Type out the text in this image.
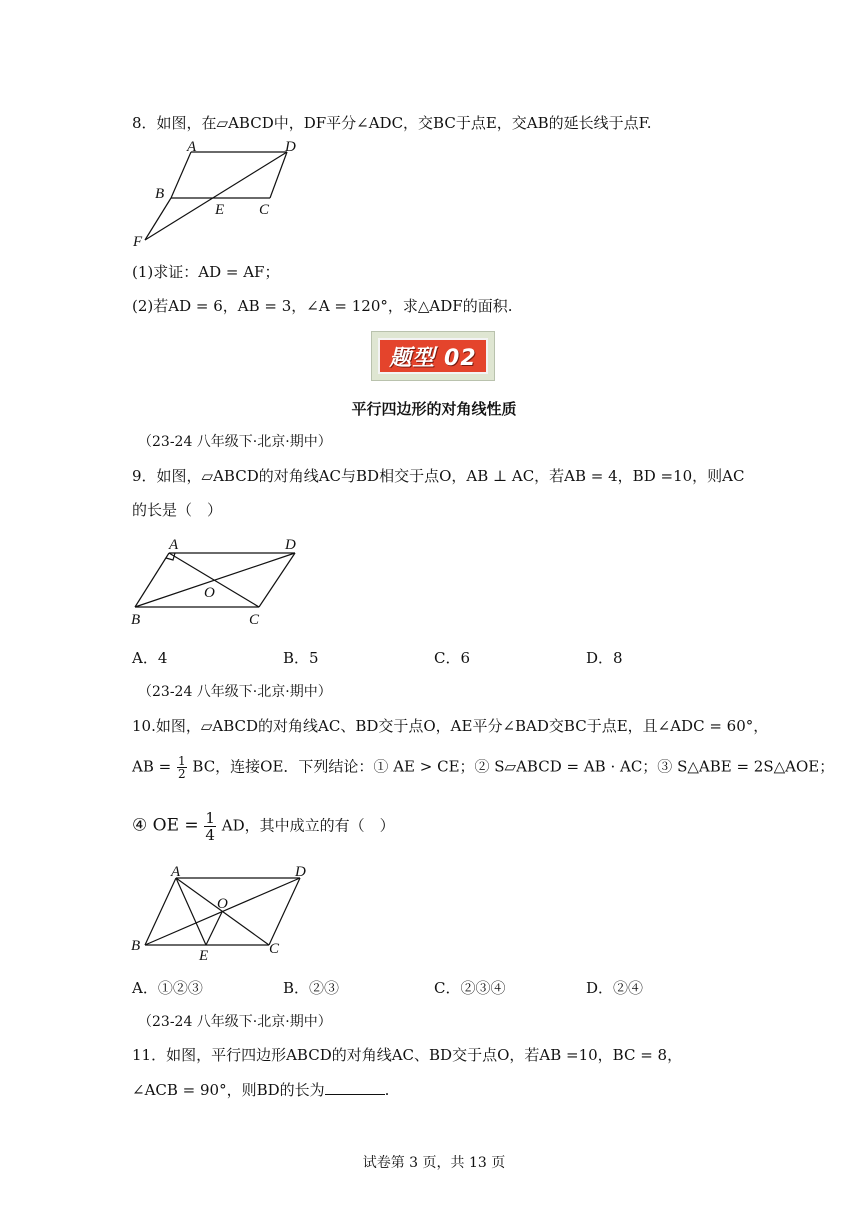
8．如图，在▱ABCD中，DF平分∠ADC，交BC于点E，交AB的延长线于点F.
A	D
B
E C
F
(1)求证：AD = AF；
(2)若AD = 6，AB = 3，∠A = 120°，求△ADF的面积.
题型 02
平行四边形的对角线性质
（23-24 八年级下·北京·期中）
9．如图，▱ABCD的对角线AC与BD相交于点O，AB ⊥ AC，若AB = 4，BD =10，则AC
的长是（　）
A	D
O
B	C
A．4	B．5	C．6	D．8
（23-24 八年级下·北京·期中）
10.如图，▱ABCD的对角线AC、BD交于点O，AE平分∠BAD交BC于点E，且∠ADC = 60°，
AB = $\frac{1}{2}$ BC，连接OE．下列结论：① AE > CE；② S▱ABCD = AB · AC；③ S△ABE = 2S△AOE；
④ OE = $\frac{1}{4}$ AD，其中成立的有（　）
A	D
O
B
E	C
A．①②③	B．②③	C．②③④	D．②④
（23-24 八年级下·北京·期中）
11．如图，平行四边形ABCD的对角线AC、BD交于点O，若AB =10，BC = 8，
∠ACB = 90°，则BD的长为	.
试卷第 3 页，共 13 页
